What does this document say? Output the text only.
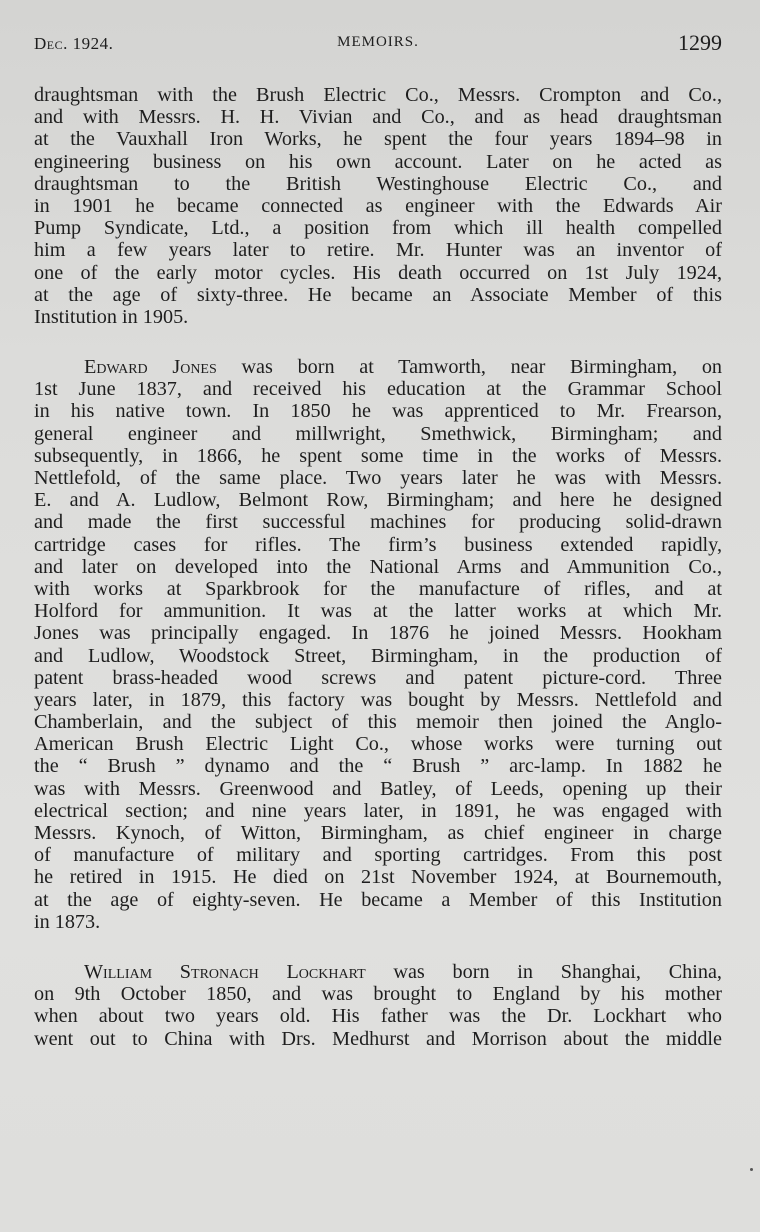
Dec. 1924.	MEMOIRS.	1299
draughtsman with the Brush Electric Co., Messrs. Crompton and Co.,
and with Messrs. H. H. Vivian and Co., and as head draughtsman
at the Vauxhall Iron Works, he spent the four years 1894–98 in
engineering business on his own account. Later on he acted as
draughtsman to the British Westinghouse Electric Co., and
in 1901 he became connected as engineer with the Edwards Air
Pump Syndicate, Ltd., a position from which ill health compelled
him a few years later to retire. Mr. Hunter was an inventor of
one of the early motor cycles. His death occurred on 1st July 1924,
at the age of sixty-three. He became an Associate Member of this
Institution in 1905.
Edward Jones was born at Tamworth, near Birmingham, on
1st June 1837, and received his education at the Grammar School
in his native town. In 1850 he was apprenticed to Mr. Frearson,
general engineer and millwright, Smethwick, Birmingham; and
subsequently, in 1866, he spent some time in the works of Messrs.
Nettlefold, of the same place. Two years later he was with Messrs.
E. and A. Ludlow, Belmont Row, Birmingham; and here he designed
and made the first successful machines for producing solid-drawn
cartridge cases for rifles. The firm’s business extended rapidly,
and later on developed into the National Arms and Ammunition Co.,
with works at Sparkbrook for the manufacture of rifles, and at
Holford for ammunition. It was at the latter works at which Mr.
Jones was principally engaged. In 1876 he joined Messrs. Hookham
and Ludlow, Woodstock Street, Birmingham, in the production of
patent brass-headed wood screws and patent picture-cord. Three
years later, in 1879, this factory was bought by Messrs. Nettlefold and
Chamberlain, and the subject of this memoir then joined the Anglo-
American Brush Electric Light Co., whose works were turning out
the “ Brush ” dynamo and the “ Brush ” arc-lamp. In 1882 he
was with Messrs. Greenwood and Batley, of Leeds, opening up their
electrical section; and nine years later, in 1891, he was engaged with
Messrs. Kynoch, of Witton, Birmingham, as chief engineer in charge
of manufacture of military and sporting cartridges. From this post
he retired in 1915. He died on 21st November 1924, at Bournemouth,
at the age of eighty-seven. He became a Member of this Institution
in 1873.
William Stronach Lockhart was born in Shanghai, China,
on 9th October 1850, and was brought to England by his mother
when about two years old. His father was the Dr. Lockhart who
went out to China with Drs. Medhurst and Morrison about the middle
